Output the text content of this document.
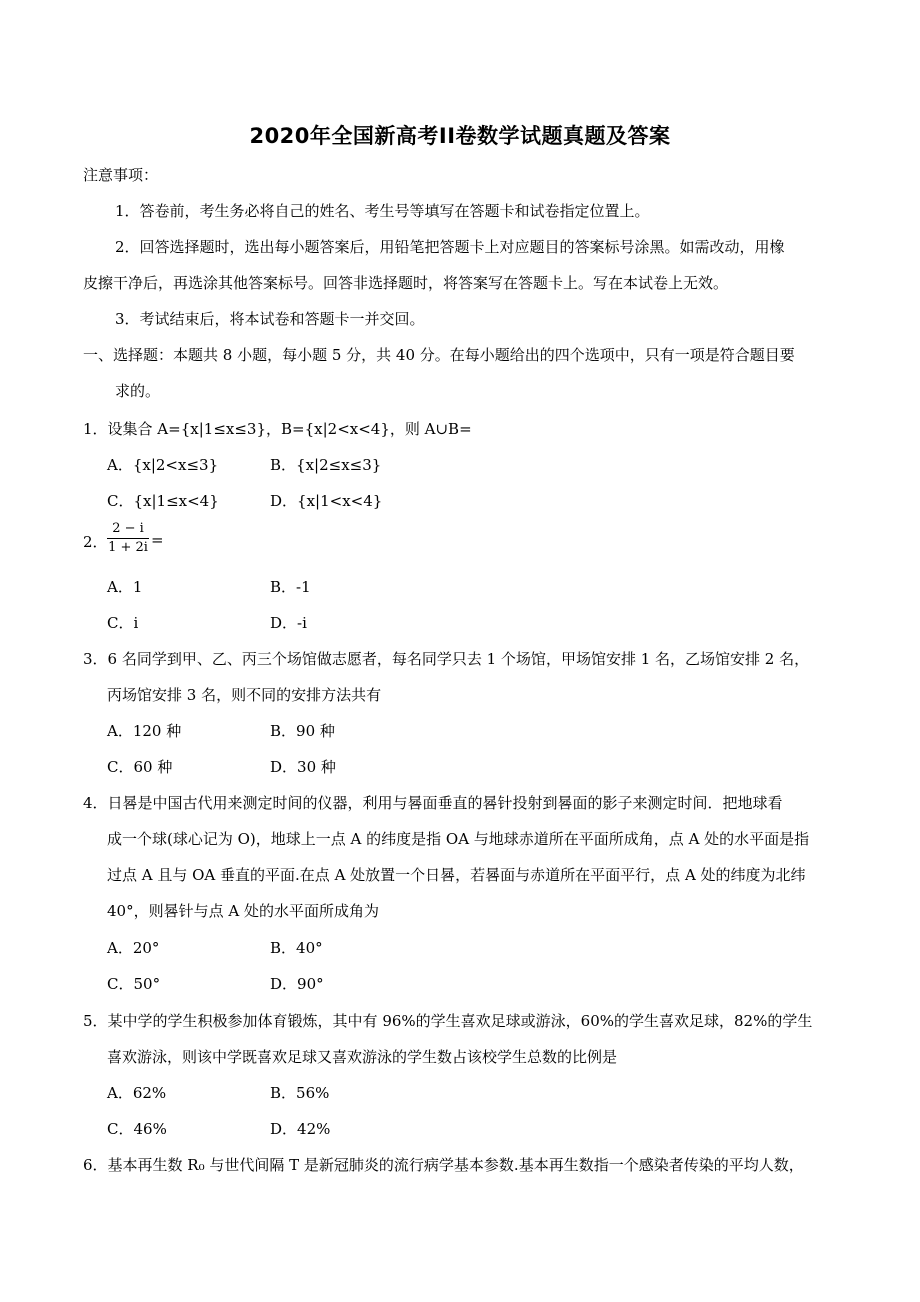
2020年全国新高考II卷数学试题真题及答案
注意事项：
1．答卷前，考生务必将自己的姓名、考生号等填写在答题卡和试卷指定位置上。
2．回答选择题时，选出每小题答案后，用铅笔把答题卡上对应题目的答案标号涂黑。如需改动，用橡
皮擦干净后，再选涂其他答案标号。回答非选择题时，将答案写在答题卡上。写在本试卷上无效。
3．考试结束后，将本试卷和答题卡一并交回。
一、选择题：本题共 8 小题，每小题 5 分，共 40 分。在每小题给出的四个选项中，只有一项是符合题目要
求的。
1．设集合 A={x|1≤x≤3}，B={x|2<x<4}，则 A∪B=
A．{x|2<x≤3}	B．{x|2≤x≤3}
C．{x|1≤x<4}	D．{x|1<x<4}
2． $\frac{2 - i}{1 + 2i}$ =
A．1	B．-1
C．i	D．-i
3．6 名同学到甲、乙、丙三个场馆做志愿者，每名同学只去 1 个场馆，甲场馆安排 1 名，乙场馆安排 2 名，
丙场馆安排 3 名，则不同的安排方法共有
A．120 种	B．90 种
C．60 种	D．30 种
4．日晷是中国古代用来测定时间的仪器，利用与晷面垂直的晷针投射到晷面的影子来测定时间．把地球看
成一个球(球心记为 O)，地球上一点 A 的纬度是指 OA 与地球赤道所在平面所成角，点 A 处的水平面是指
过点 A 且与 OA 垂直的平面.在点 A 处放置一个日晷，若晷面与赤道所在平面平行，点 A 处的纬度为北纬
40°，则晷针与点 A 处的水平面所成角为
A．20°	B．40°
C．50°	D．90°
5．某中学的学生积极参加体育锻炼，其中有 96%的学生喜欢足球或游泳，60%的学生喜欢足球，82%的学生
喜欢游泳，则该中学既喜欢足球又喜欢游泳的学生数占该校学生总数的比例是
A．62%	B．56%
C．46%	D．42%
6．基本再生数 R₀ 与世代间隔 T 是新冠肺炎的流行病学基本参数.基本再生数指一个感染者传染的平均人数，
